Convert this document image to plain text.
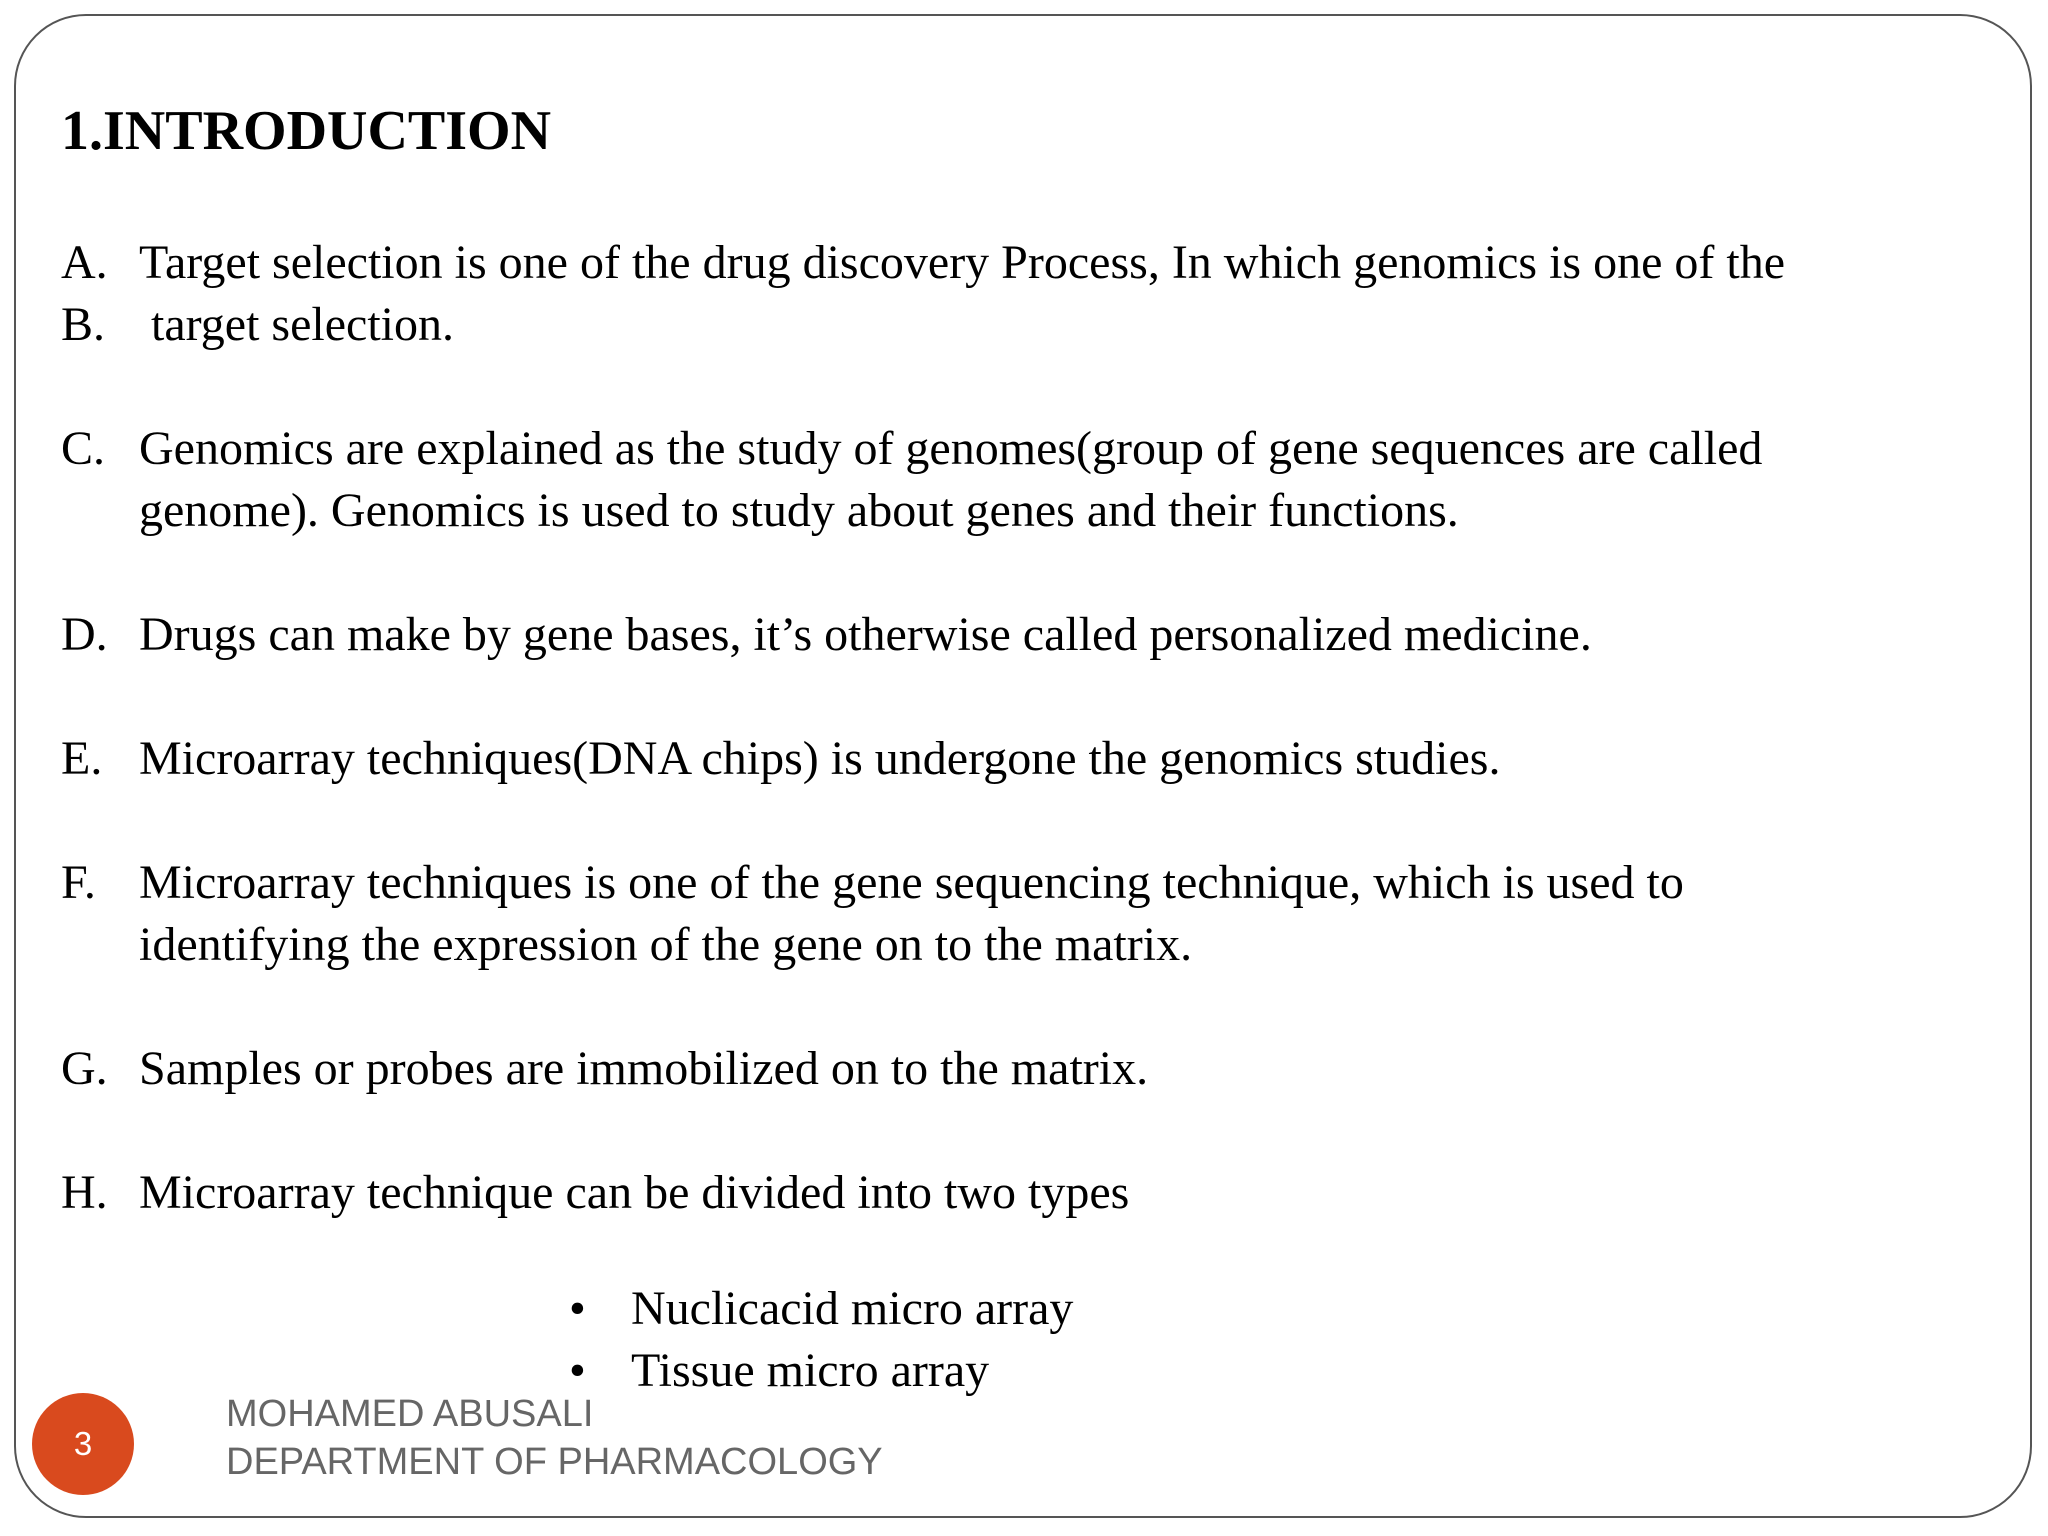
1.INTRODUCTION
A. Target selection is one of the drug discovery Process, In which genomics is one of the
B. target selection.
C. Genomics are explained as the study of genomes(group of gene sequences are called
genome). Genomics is used to study about genes and their functions.
D. Drugs can make by gene bases, it’s otherwise called personalized medicine.
E. Microarray techniques(DNA chips) is undergone the genomics studies.
F. Microarray techniques is one of the gene sequencing technique, which is used to
identifying the expression of the gene on to the matrix.
G. Samples or probes are immobilized on to the matrix.
H. Microarray technique can be divided into two types
• Nuclicacid micro array
• Tissue micro array
3
MOHAMED ABUSALI
DEPARTMENT OF PHARMACOLOGY
